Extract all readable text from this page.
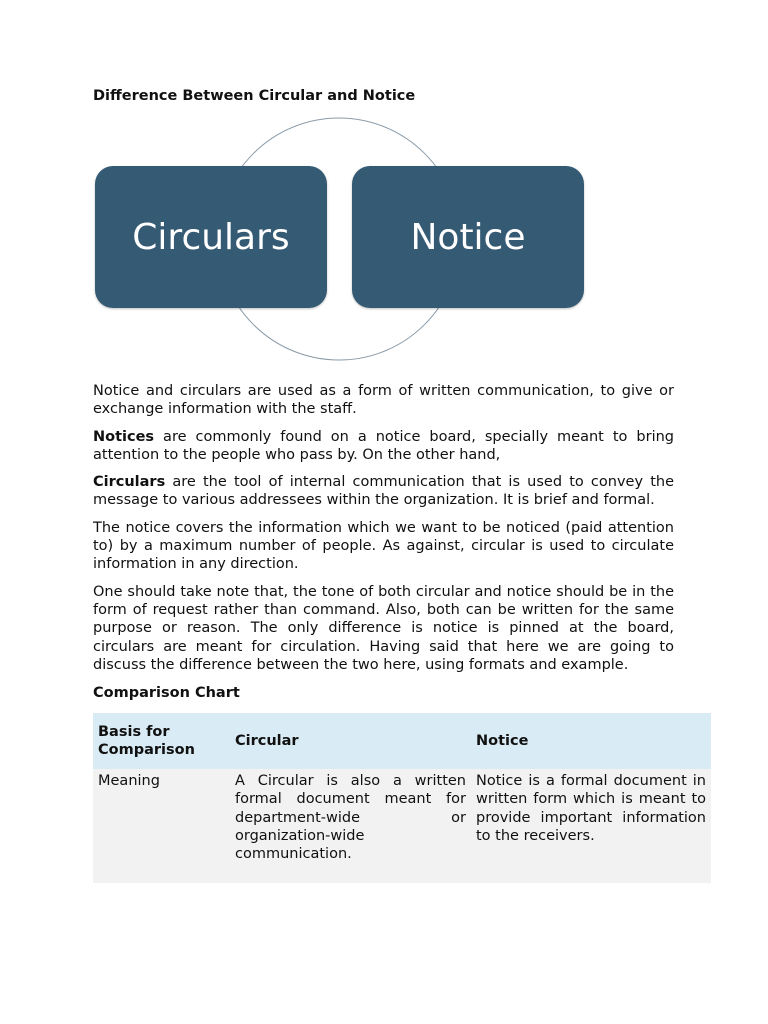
Difference Between Circular and Notice
Circulars	Notice

Notice and circulars are used as a form of written communication, to give or exchange information with the staff.

Notices are commonly found on a notice board, specially meant to bring attention to the people who pass by. On the other hand,

Circulars are the tool of internal communication that is used to convey the message to various addressees within the organization. It is brief and formal.

The notice covers the information which we want to be noticed (paid attention to) by a maximum number of people. As against, circular is used to circulate information in any direction.

One should take note that, the tone of both circular and notice should be in the form of request rather than command. Also, both can be written for the same purpose or reason. The only difference is notice is pinned at the board, circulars are meant for circulation. Having said that here we are going to discuss the difference between the two here, using formats and example.

Comparison Chart
Basis for Comparison	Circular	Notice
Meaning	A Circular is also a written formal document meant for department-wide or organization-wide communication.	Notice is a formal document in written form which is meant to provide important information to the receivers.
